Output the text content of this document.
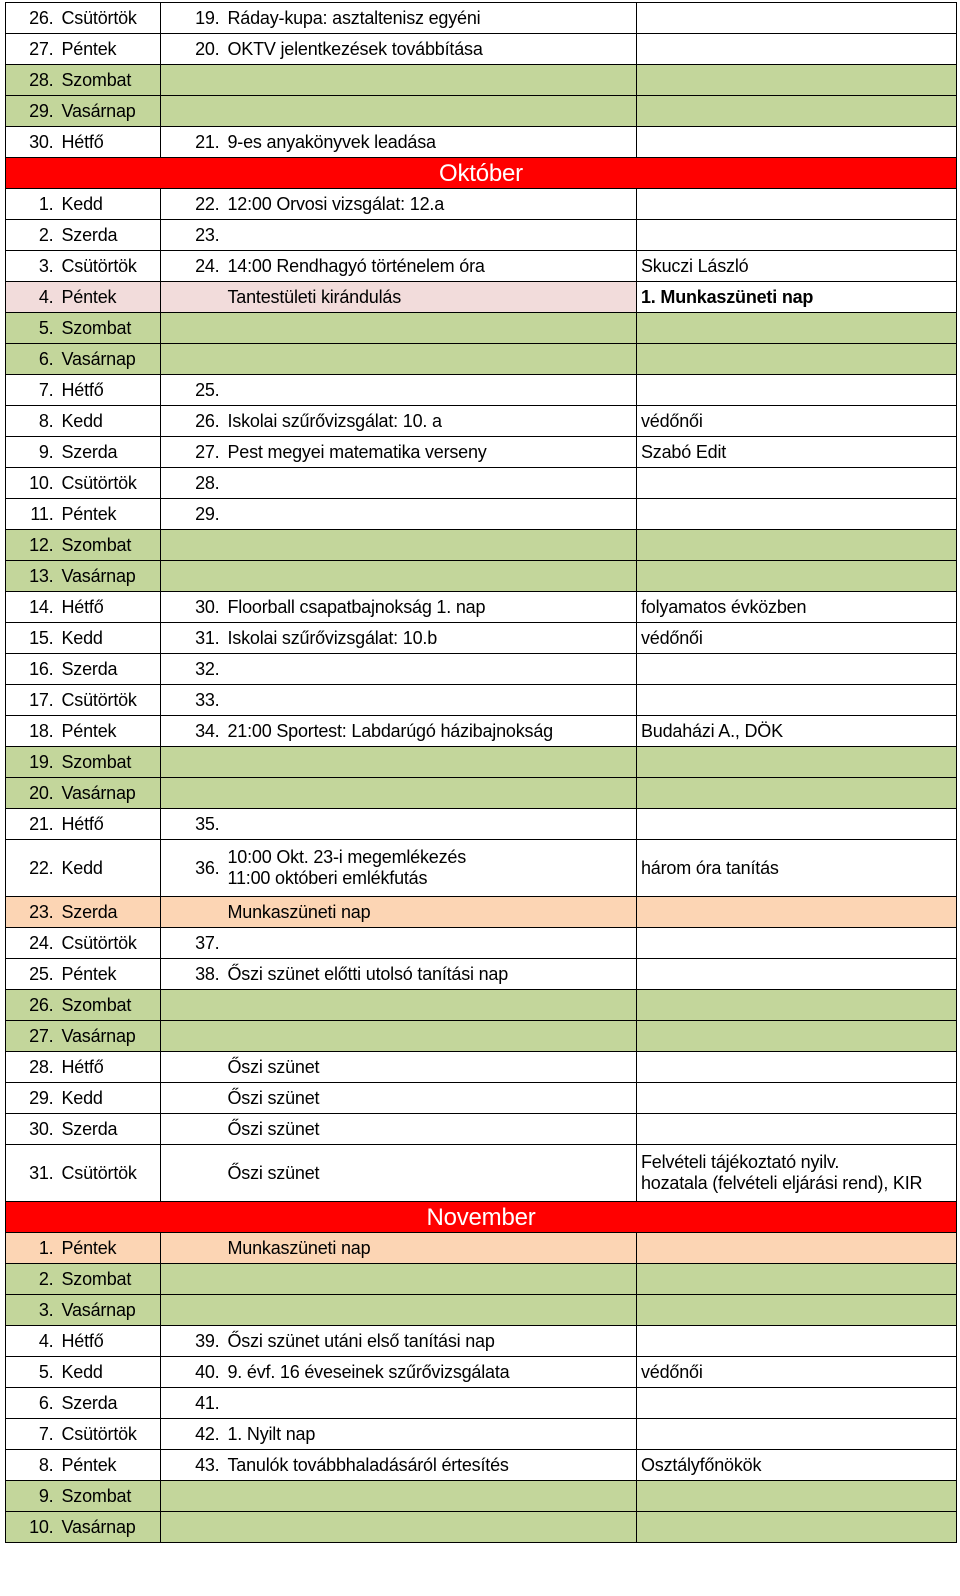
26.	Csütörtök	19.	Ráday-kupa: asztaltenisz egyéni	
27.	Péntek	20.	OKTV jelentkezések továbbítása	
28.	Szombat			
29.	Vasárnap			
30.	Hétfő	21.	9-es anyakönyvek leadása	
Október				
1.	Kedd	22.	12:00 Orvosi vizsgálat: 12.a	
2.	Szerda	23.		
3.	Csütörtök	24.	14:00 Rendhagyó történelem óra	Skuczi László
4.	Péntek		Tantestületi kirándulás	1. Munkaszüneti nap
5.	Szombat			
6.	Vasárnap			
7.	Hétfő	25.		
8.	Kedd	26.	Iskolai szűrővizsgálat: 10. a	védőnői
9.	Szerda	27.	Pest megyei matematika verseny	Szabó Edit
10.	Csütörtök	28.		
11.	Péntek	29.		
12.	Szombat			
13.	Vasárnap			
14.	Hétfő	30.	Floorball csapatbajnokság 1. nap	folyamatos évközben
15.	Kedd	31.	Iskolai szűrővizsgálat: 10.b	védőnői
16.	Szerda	32.		
17.	Csütörtök	33.		
18.	Péntek	34.	21:00 Sportest: Labdarúgó házibajnokság	Budaházi A., DÖK
19.	Szombat			
20.	Vasárnap			
21.	Hétfő	35.		
22.	Kedd	36.	10:00 Okt. 23-i megemlékezés
11:00 októberi emlékfutás	három óra tanítás
23.	Szerda		Munkaszüneti nap	
24.	Csütörtök	37.		
25.	Péntek	38.	Őszi szünet előtti utolsó tanítási nap	
26.	Szombat			
27.	Vasárnap			
28.	Hétfő		Őszi szünet	
29.	Kedd		Őszi szünet	
30.	Szerda		Őszi szünet	
31.	Csütörtök		Őszi szünet	Felvételi tájékoztató nyilv.
hozatala (felvételi eljárási rend), KIR

November				
1.	Péntek		Munkaszüneti nap	
2.	Szombat			
3.	Vasárnap			
4.	Hétfő	39.	Őszi szünet utáni első tanítási nap	
5.	Kedd	40.	9. évf. 16 éveseinek szűrővizsgálata	védőnői
6.	Szerda	41.		
7.	Csütörtök	42.	1. Nyilt nap	
8.	Péntek	43.	Tanulók továbbhaladásáról értesítés	Osztályfőnökök
9.	Szombat			
10.	Vasárnap			
